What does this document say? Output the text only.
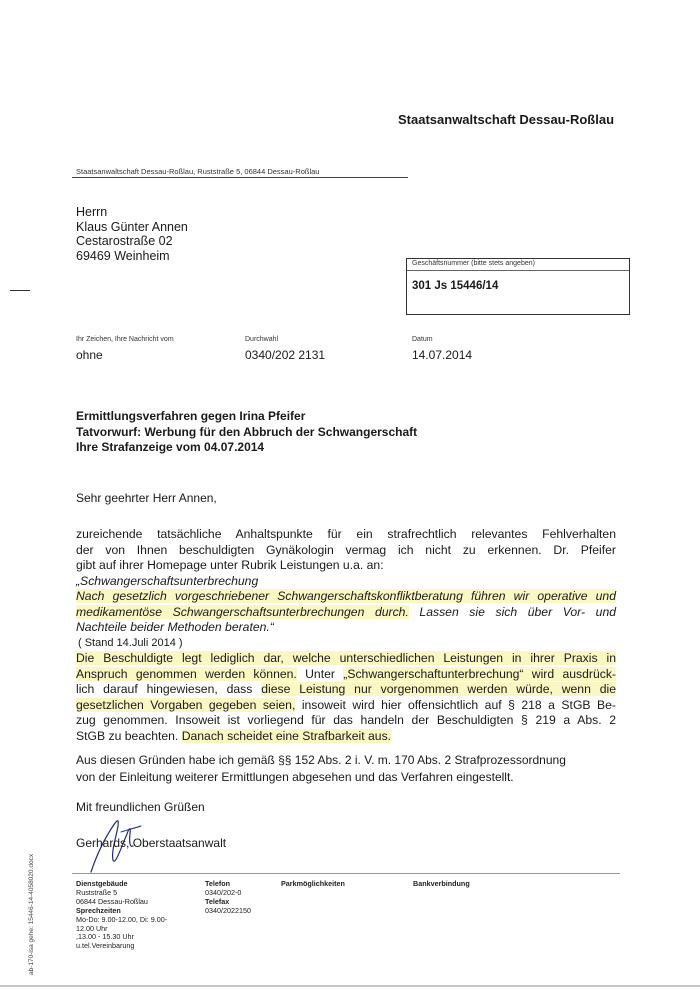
Staatsanwaltschaft Dessau-Roßlau
Staatsanwaltschaft Dessau-Roßlau, Ruststraße 5, 06844 Dessau-Roßlau
Herrn
Klaus Günter Annen
Cestarostraße 02
69469 Weinheim
Geschäftsnummer (bitte stets angeben)
301 Js 15446/14
Ihr Zeichen, Ihre Nachricht vom
ohne
Durchwahl
0340/202 2131
Datum
14.07.2014
Ermittlungsverfahren gegen Irina Pfeifer
Tatvorwurf: Werbung für den Abbruch der Schwangerschaft
Ihre Strafanzeige vom 04.07.2014
Sehr geehrter Herr Annen,

zureichende tatsächliche Anhaltspunkte für ein strafrechtlich relevantes Fehlverhalten

der von Ihnen beschuldigten Gynäkologin vermag ich nicht zu erkennen. Dr. Pfeifer

gibt auf ihrer Homepage unter Rubrik Leistungen u.a. an:

„Schwangerschaftsunterbrechung

Nach gesetzlich vorgeschriebener Schwangerschaftskonfliktberatung führen wir operative und

medikamentöse Schwangerschaftsunterbrechungen durch. Lassen sie sich über Vor- und

Nachteile beider Methoden beraten.“

( Stand 14.Juli 2014 )

Die Beschuldigte legt lediglich dar, welche unterschiedlichen Leistungen in ihrer Praxis in

Anspruch genommen werden können. Unter „Schwangerschaftunterbrechung“ wird ausdrück-

lich darauf hingewiesen, dass diese Leistung nur vorgenommen werden würde, wenn die

gesetzlichen Vorgaben gegeben seien, insoweit wird hier offensichtlich auf § 218 a StGB Be-

zug genommen. Insoweit ist vorliegend für das handeln der Beschuldigten § 219 a Abs. 2

StGB zu beachten. Danach scheidet eine Strafbarkeit aus.

Aus diesen Gründen habe ich gemäß §§ 152 Abs. 2 i. V. m. 170 Abs. 2 Strafprozessordnung
von der Einleitung weiterer Ermittlungen abgesehen und das Verfahren eingestellt.
Mit freundlichen Grüßen
Gerhards, Oberstaatsanwalt
Dienstgebäude
Ruststraße 5
06844 Dessau-Roßlau
Sprechzeiten
Mo-Do: 9.00-12.00, Di: 9.00-
12.00 Uhr
,13.00 - 15.30 Uhr
u.tel.Vereinbarung
Telefon
0340/202-0
Telefax
0340/2022150
Parkmöglichkeiten	Bankverbindung
ab-170-isa gehe: 15446-14-4058020.docx
